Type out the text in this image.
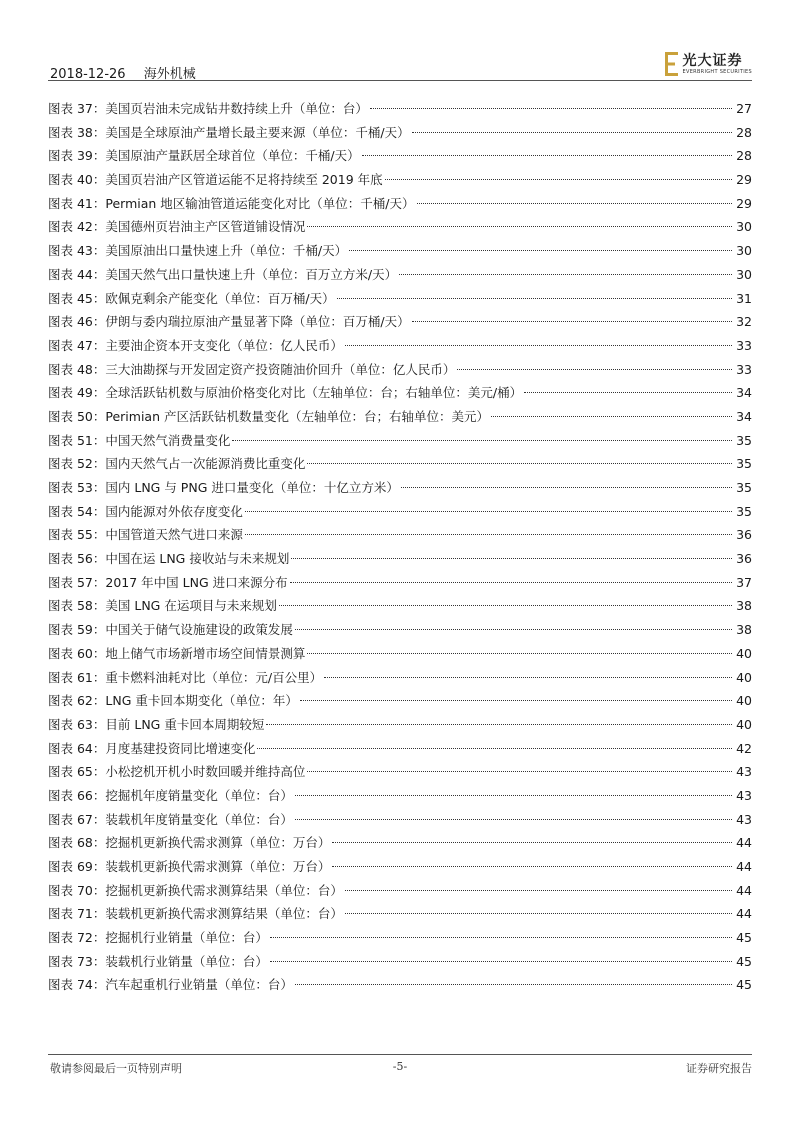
2018-12-26 海外机械
光大证券
EVERBRIGHT SECURITIES
图表 37：美国页岩油未完成钻井数持续上升（单位：台）	27
图表 38：美国是全球原油产量增长最主要来源（单位：千桶/天）	28
图表 39：美国原油产量跃居全球首位（单位：千桶/天）	28
图表 40：美国页岩油产区管道运能不足将持续至 2019 年底	29
图表 41：Permian 地区输油管道运能变化对比（单位：千桶/天）	29
图表 42：美国德州页岩油主产区管道铺设情况	30
图表 43：美国原油出口量快速上升（单位：千桶/天）	30
图表 44：美国天然气出口量快速上升（单位：百万立方米/天）	30
图表 45：欧佩克剩余产能变化（单位：百万桶/天）	31
图表 46：伊朗与委内瑞拉原油产量显著下降（单位：百万桶/天）	32
图表 47：主要油企资本开支变化（单位：亿人民币）	33
图表 48：三大油勘探与开发固定资产投资随油价回升（单位：亿人民币）	33
图表 49：全球活跃钻机数与原油价格变化对比（左轴单位：台；右轴单位：美元/桶）	34
图表 50：Perimian 产区活跃钻机数量变化（左轴单位：台；右轴单位：美元）	34
图表 51：中国天然气消费量变化	35
图表 52：国内天然气占一次能源消费比重变化	35
图表 53：国内 LNG 与 PNG 进口量变化（单位：十亿立方米）	35
图表 54：国内能源对外依存度变化	35
图表 55：中国管道天然气进口来源	36
图表 56：中国在运 LNG 接收站与未来规划	36
图表 57：2017 年中国 LNG 进口来源分布	37
图表 58：美国 LNG 在运项目与未来规划	38
图表 59：中国关于储气设施建设的政策发展	38
图表 60：地上储气市场新增市场空间情景测算	40
图表 61：重卡燃料油耗对比（单位：元/百公里）	40
图表 62：LNG 重卡回本期变化（单位：年）	40
图表 63：目前 LNG 重卡回本周期较短	40
图表 64：月度基建投资同比增速变化	42
图表 65：小松挖机开机小时数回暖并维持高位	43
图表 66：挖掘机年度销量变化（单位：台）	43
图表 67：装载机年度销量变化（单位：台）	43
图表 68：挖掘机更新换代需求测算（单位：万台）	44
图表 69：装载机更新换代需求测算（单位：万台）	44
图表 70：挖掘机更新换代需求测算结果（单位：台）	44
图表 71：装载机更新换代需求测算结果（单位：台）	44
图表 72：挖掘机行业销量（单位：台）	45
图表 73：装载机行业销量（单位：台）	45
图表 74：汽车起重机行业销量（单位：台）	45
敬请参阅最后一页特别声明	-5-	证券研究报告
